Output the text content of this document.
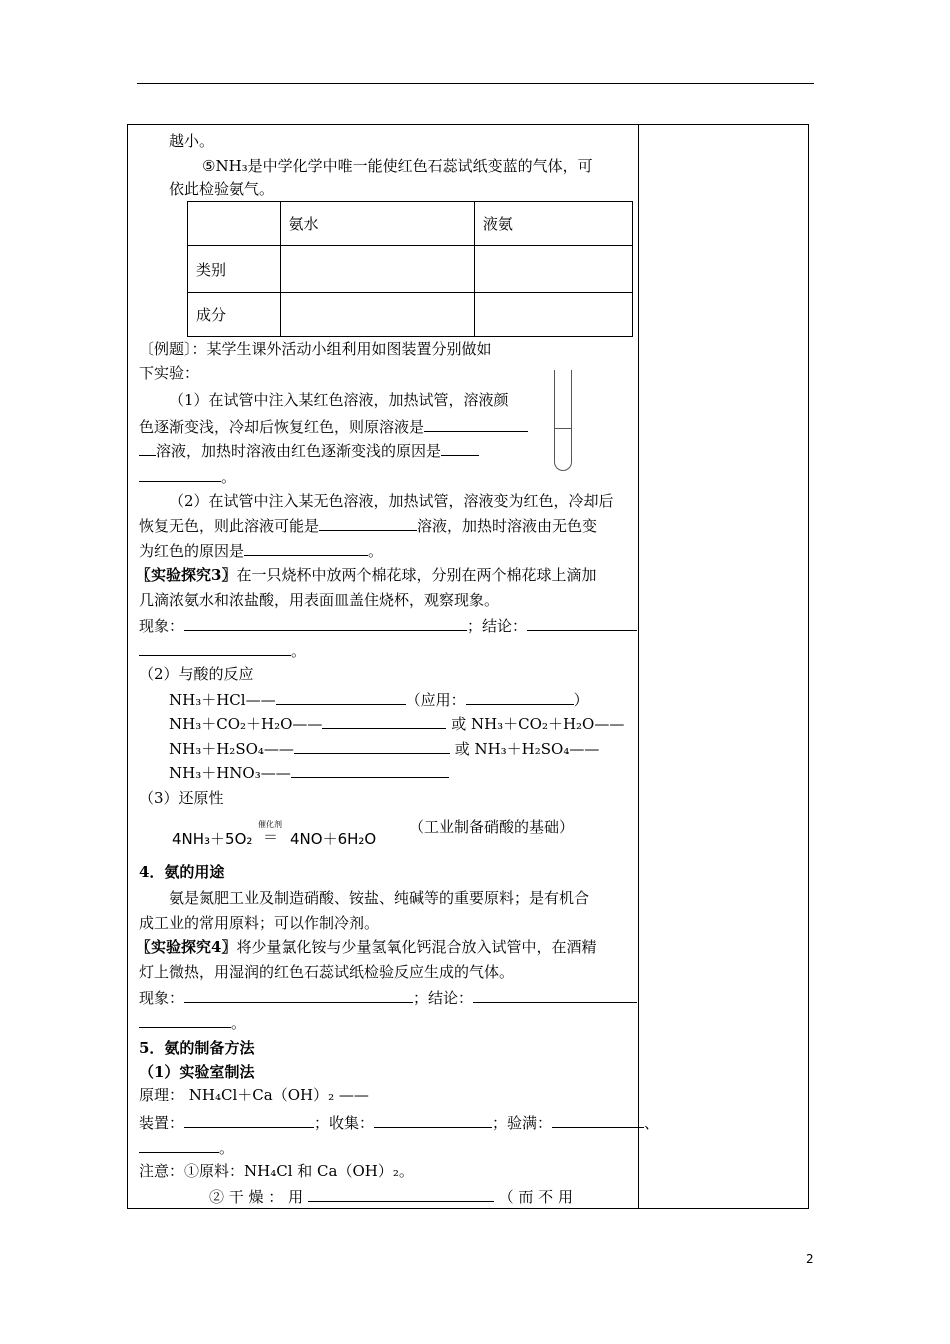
越小。
⑤NH₃是中学化学中唯一能使红色石蕊试纸变蓝的气体，可
依此检验氨气。
	氨水	液氨
类别		
成分		
〔例题〕：某学生课外活动小组利用如图装置分别做如
下实验：
（1）在试管中注入某红色溶液，加热试管，溶液颜
色逐渐变浅，冷却后恢复红色，则原溶液是
溶液，加热时溶液由红色逐渐变浅的原因是
。
（2）在试管中注入某无色溶液，加热试管，溶液变为红色，冷却后
恢复无色，则此溶液可能是	溶液，加热时溶液由无色变
为红色的原因是	。
〖实验探究3〗在一只烧杯中放两个棉花球，分别在两个棉花球上滴加
几滴浓氨水和浓盐酸，用表面皿盖住烧杯，观察现象。
现象：	；结论：
。
（2）与酸的反应
NH₃＋HCl——	（应用：	）
NH₃＋CO₂＋H₂O——	或 NH₃＋CO₂＋H₂O——
NH₃＋H₂SO₄——	或 NH₃＋H₂SO₄——
NH₃＋HNO₃——
（3）还原性
4NH₃＋5O₂
催化剂
＝ 4NO＋6H₂O
（工业制备硝酸的基础）
4．氨的用途
氨是氮肥工业及制造硝酸、铵盐、纯碱等的重要原料；是有机合
成工业的常用原料；可以作制冷剂。
〖实验探究4〗将少量氯化铵与少量氢氧化钙混合放入试管中，在酒精
灯上微热，用湿润的红色石蕊试纸检验反应生成的气体。
现象：	；结论：
。
5．氨的制备方法
（1）实验室制法
原理： NH₄Cl＋Ca（OH）₂ ——
装置：	；收集：	；验满：	、
。
注意：①原料：NH₄Cl 和 Ca（OH）₂。
② 干 燥 ： 用	（ 而 不 用
2
